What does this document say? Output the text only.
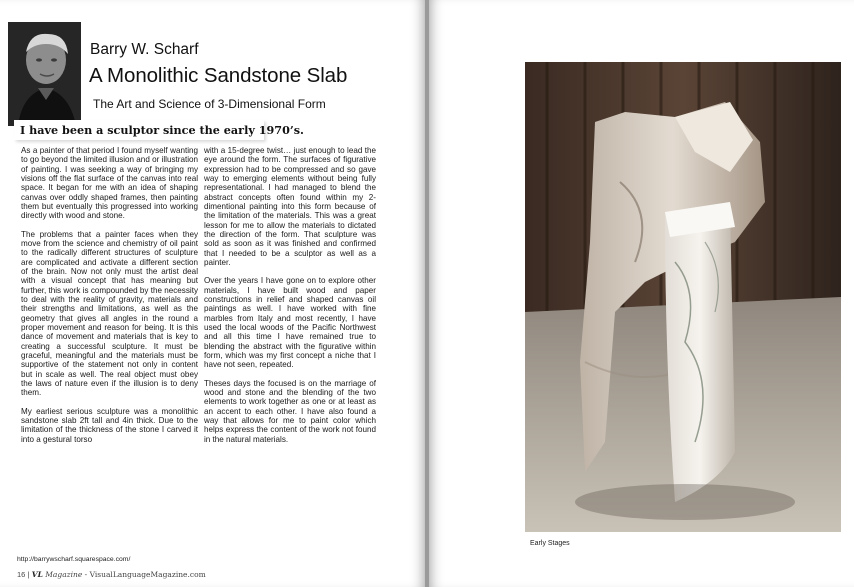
Barry W. Scharf
A Monolithic Sandstone Slab
The Art and Science of 3-Dimensional Form
I have been a sculptor since the early 1970’s.

As a painter of that period I found myself wanting to go beyond the limited illusion and or illustration of painting. I was seeking a way of bringing my visions off the flat surface of the canvas into real space. It began for me with an idea of shaping canvas over oddly shaped frames, then painting them but eventually this progressed into working directly with wood and stone.

The problems that a painter faces when they move from the science and chemistry of oil paint to the radically different structures of sculpture are complicated and activate a different section of the brain. Now not only must the artist deal with a visual concept that has meaning but further, this work is compounded by the necessity to deal with the reality of gravity, materials and their strengths and limitations, as well as the geometry that gives all angles in the round a proper movement and reason for being. It is this dance of movement and materials that is key to creating a successful sculpture. It must be graceful, meaningful and the materials must be supportive of the statement not only in content but in scale as well. The real object must obey the laws of nature even if the illusion is to deny them.

My earliest serious sculpture was a monolithic sandstone slab 2ft tall and 4in thick. Due to the limitation of the thickness of the stone I carved it into a gestural torso

with a 15-degree twist… just enough to lead the eye around the form. The surfaces of figurative expression had to be compressed and so gave way to emerging elements without being fully representational. I had managed to blend the abstract concepts often found within my 2-dimentional painting into this form because of the limitation of the materials. This was a great lesson for me to allow the materials to dictated the direction of the form. That sculpture was sold as soon as it was finished and confirmed that I needed to be a sculptor as well as a painter.

Over the years I have gone on to explore other materials, I have built wood and paper constructions in relief and shaped canvas oil paintings as well. I have worked with fine marbles from Italy and most recently, I have used the local woods of the Pacific Northwest and all this time I have remained true to blending the abstract with the figurative within form, which was my first concept a niche that I have not seen, repeated.

Theses days the focused is on the marriage of wood and stone and the blending of the two elements to work together as one or at least as an accent to each other. I have also found a way that allows for me to paint color which helps express the content of the work not found in the natural materials.

http://barrywscharf.squarespace.com/
16 | VL Magazine - VisualLanguageMagazine.com
Early Stages
